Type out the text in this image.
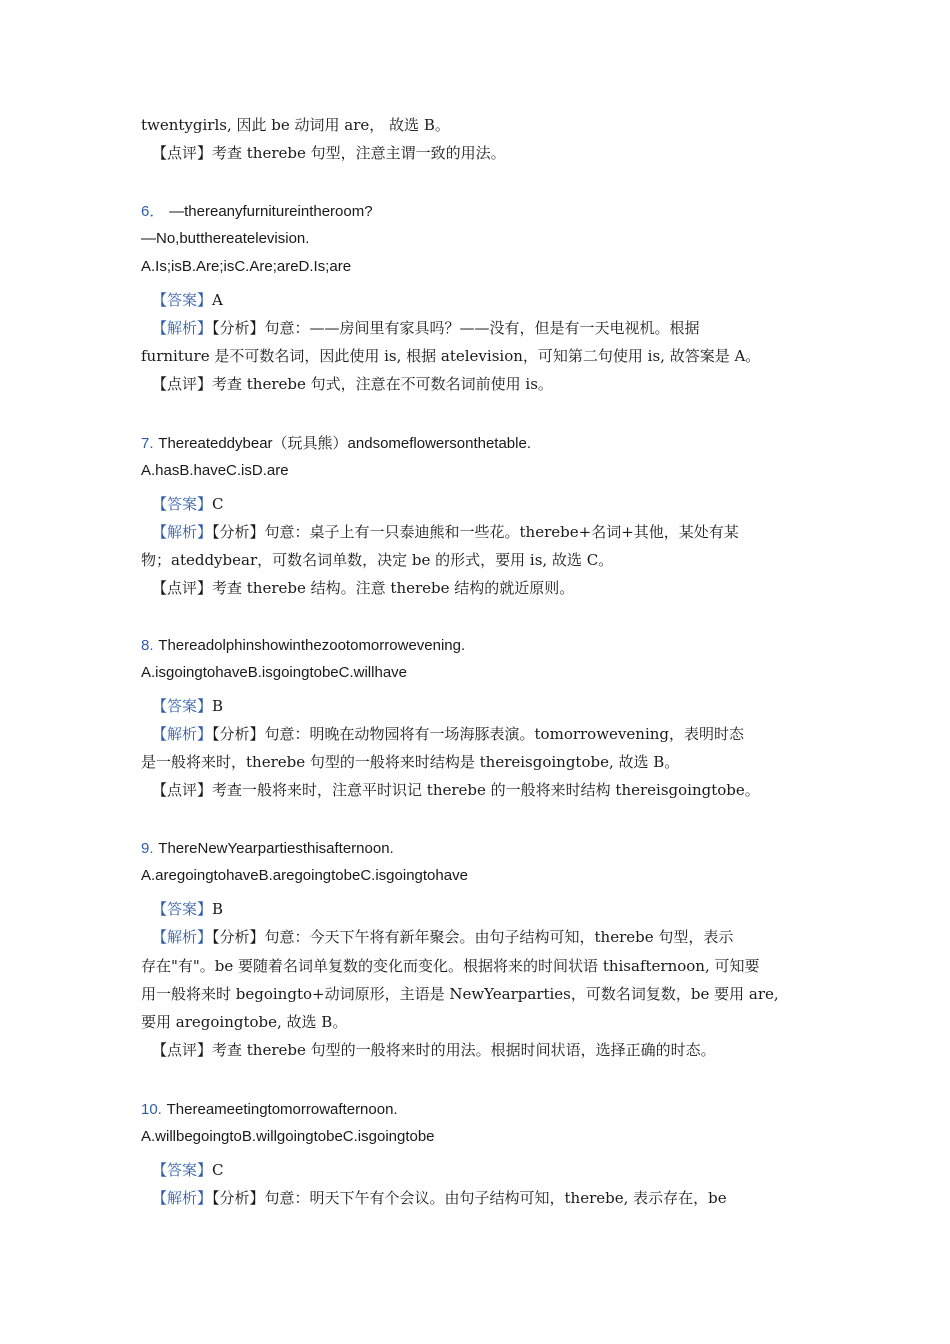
twentygirls, 因此 be 动词用 are， 故选 B。
【点评】考查 therebe 句型，注意主谓一致的用法。
6． —thereanyfurnitureintheroom?
—No,butthereatelevision.
A.Is;isB.Are;isC.Are;areD.Is;are
【答案】A
【解析】【分析】句意：——房间里有家具吗？——没有，但是有一天电视机。根据
furniture 是不可数名词，因此使用 is, 根据 atelevision，可知第二句使用 is, 故答案是 A。
【点评】考查 therebe 句式，注意在不可数名词前使用 is。
7. Thereateddybear（玩具熊）andsomeflowersonthetable.
A.hasB.haveC.isD.are
【答案】C
【解析】【分析】句意：桌子上有一只泰迪熊和一些花。therebe+名词+其他，某处有某
物；ateddybear，可数名词单数，决定 be 的形式，要用 is, 故选 C。
【点评】考查 therebe 结构。注意 therebe 结构的就近原则。
8. Thereadolphinshowinthezootomorrowevening.
A.isgoingtohaveB.isgoingtobeC.willhave
【答案】B
【解析】【分析】句意：明晚在动物园将有一场海豚表演。tomorrowevening，表明时态
是一般将来时，therebe 句型的一般将来时结构是 thereisgoingtobe, 故选 B。
【点评】考查一般将来时，注意平时识记 therebe 的一般将来时结构 thereisgoingtobe。
9. ThereNewYearpartiesthisafternoon.
A.aregoingtohaveB.aregoingtobeC.isgoingtohave
【答案】B
【解析】【分析】句意：今天下午将有新年聚会。由句子结构可知，therebe 句型，表示
存在"有"。be 要随着名词单复数的变化而变化。根据将来的时间状语 thisafternoon, 可知要
用一般将来时 begoingto+动词原形，主语是 NewYearparties，可数名词复数，be 要用 are,
要用 aregoingtobe, 故选 B。
【点评】考查 therebe 句型的一般将来时的用法。根据时间状语，选择正确的时态。
10. Thereameetingtomorrowafternoon.
A.willbegoingtoB.willgoingtobeC.isgoingtobe
【答案】C
【解析】【分析】句意：明天下午有个会议。由句子结构可知，therebe, 表示存在，be
